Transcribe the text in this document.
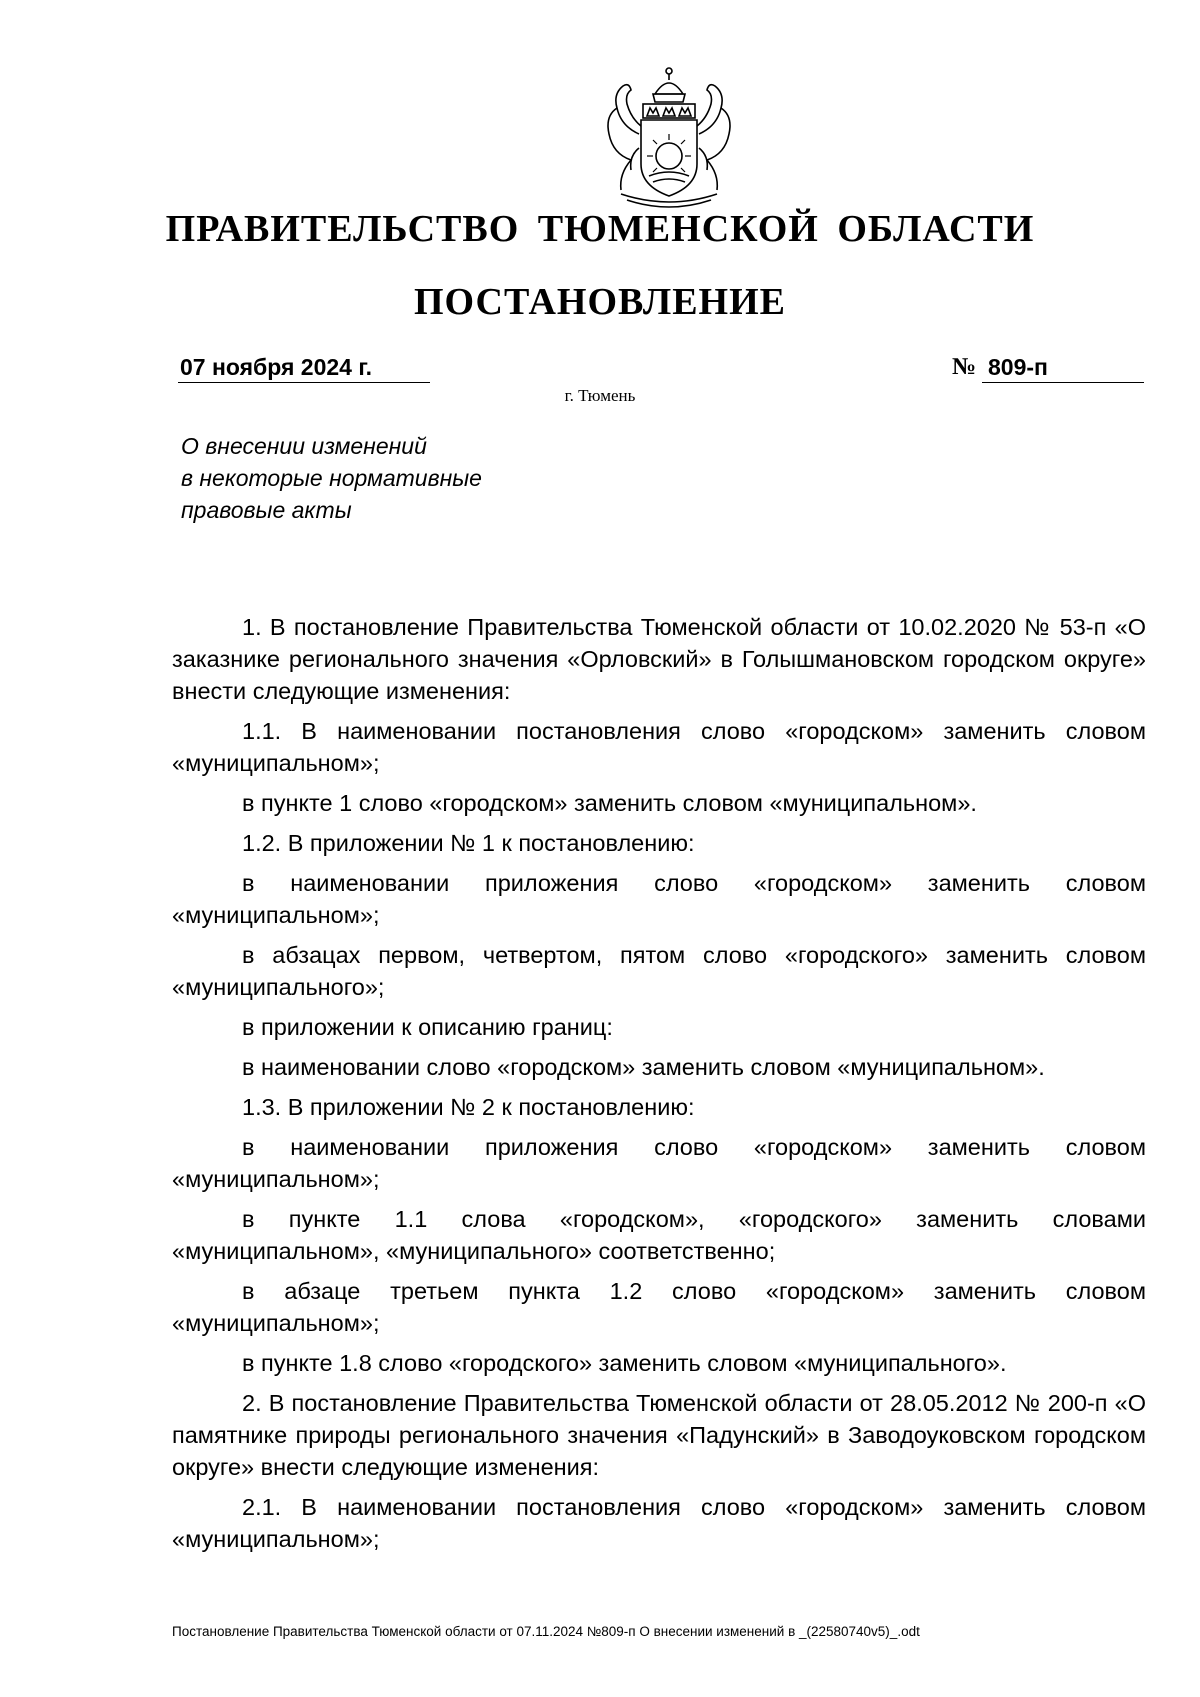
ПРАВИТЕЛЬСТВО ТЮМЕНСКОЙ ОБЛАСТИ
ПОСТАНОВЛЕНИЕ
07 ноября 2024 г.	№ 809-п
г. Тюмень
О внесении изменений
в некоторые нормативные
правовые акты

1. В постановление Правительства Тюменской области от 10.02.2020 № 53-п «О заказнике регионального значения «Орловский» в Голышмановском городском округе» внести следующие изменения:

1.1. В наименовании постановления слово «городском» заменить словом «муниципальном»;

в пункте 1 слово «городском» заменить словом «муниципальном».

1.2. В приложении № 1 к постановлению:

в наименовании приложения слово «городском» заменить словом «муниципальном»;

в абзацах первом, четвертом, пятом слово «городского» заменить словом «муниципального»;

в приложении к описанию границ:

в наименовании слово «городском» заменить словом «муниципальном».

1.3. В приложении № 2 к постановлению:

в наименовании приложения слово «городском» заменить словом «муниципальном»;

в пункте 1.1 слова «городском», «городского» заменить словами «муниципальном», «муниципального» соответственно;

в абзаце третьем пункта 1.2 слово «городском» заменить словом «муниципальном»;

в пункте 1.8 слово «городского» заменить словом «муниципального».

2. В постановление Правительства Тюменской области от 28.05.2012 № 200-п «О памятнике природы регионального значения «Падунский» в Заводоуковском городском округе» внести следующие изменения:

2.1. В наименовании постановления слово «городском» заменить словом «муниципальном»;

Постановление Правительства Тюменской области от 07.11.2024 №809-п О внесении изменений в _(22580740v5)_.odt
